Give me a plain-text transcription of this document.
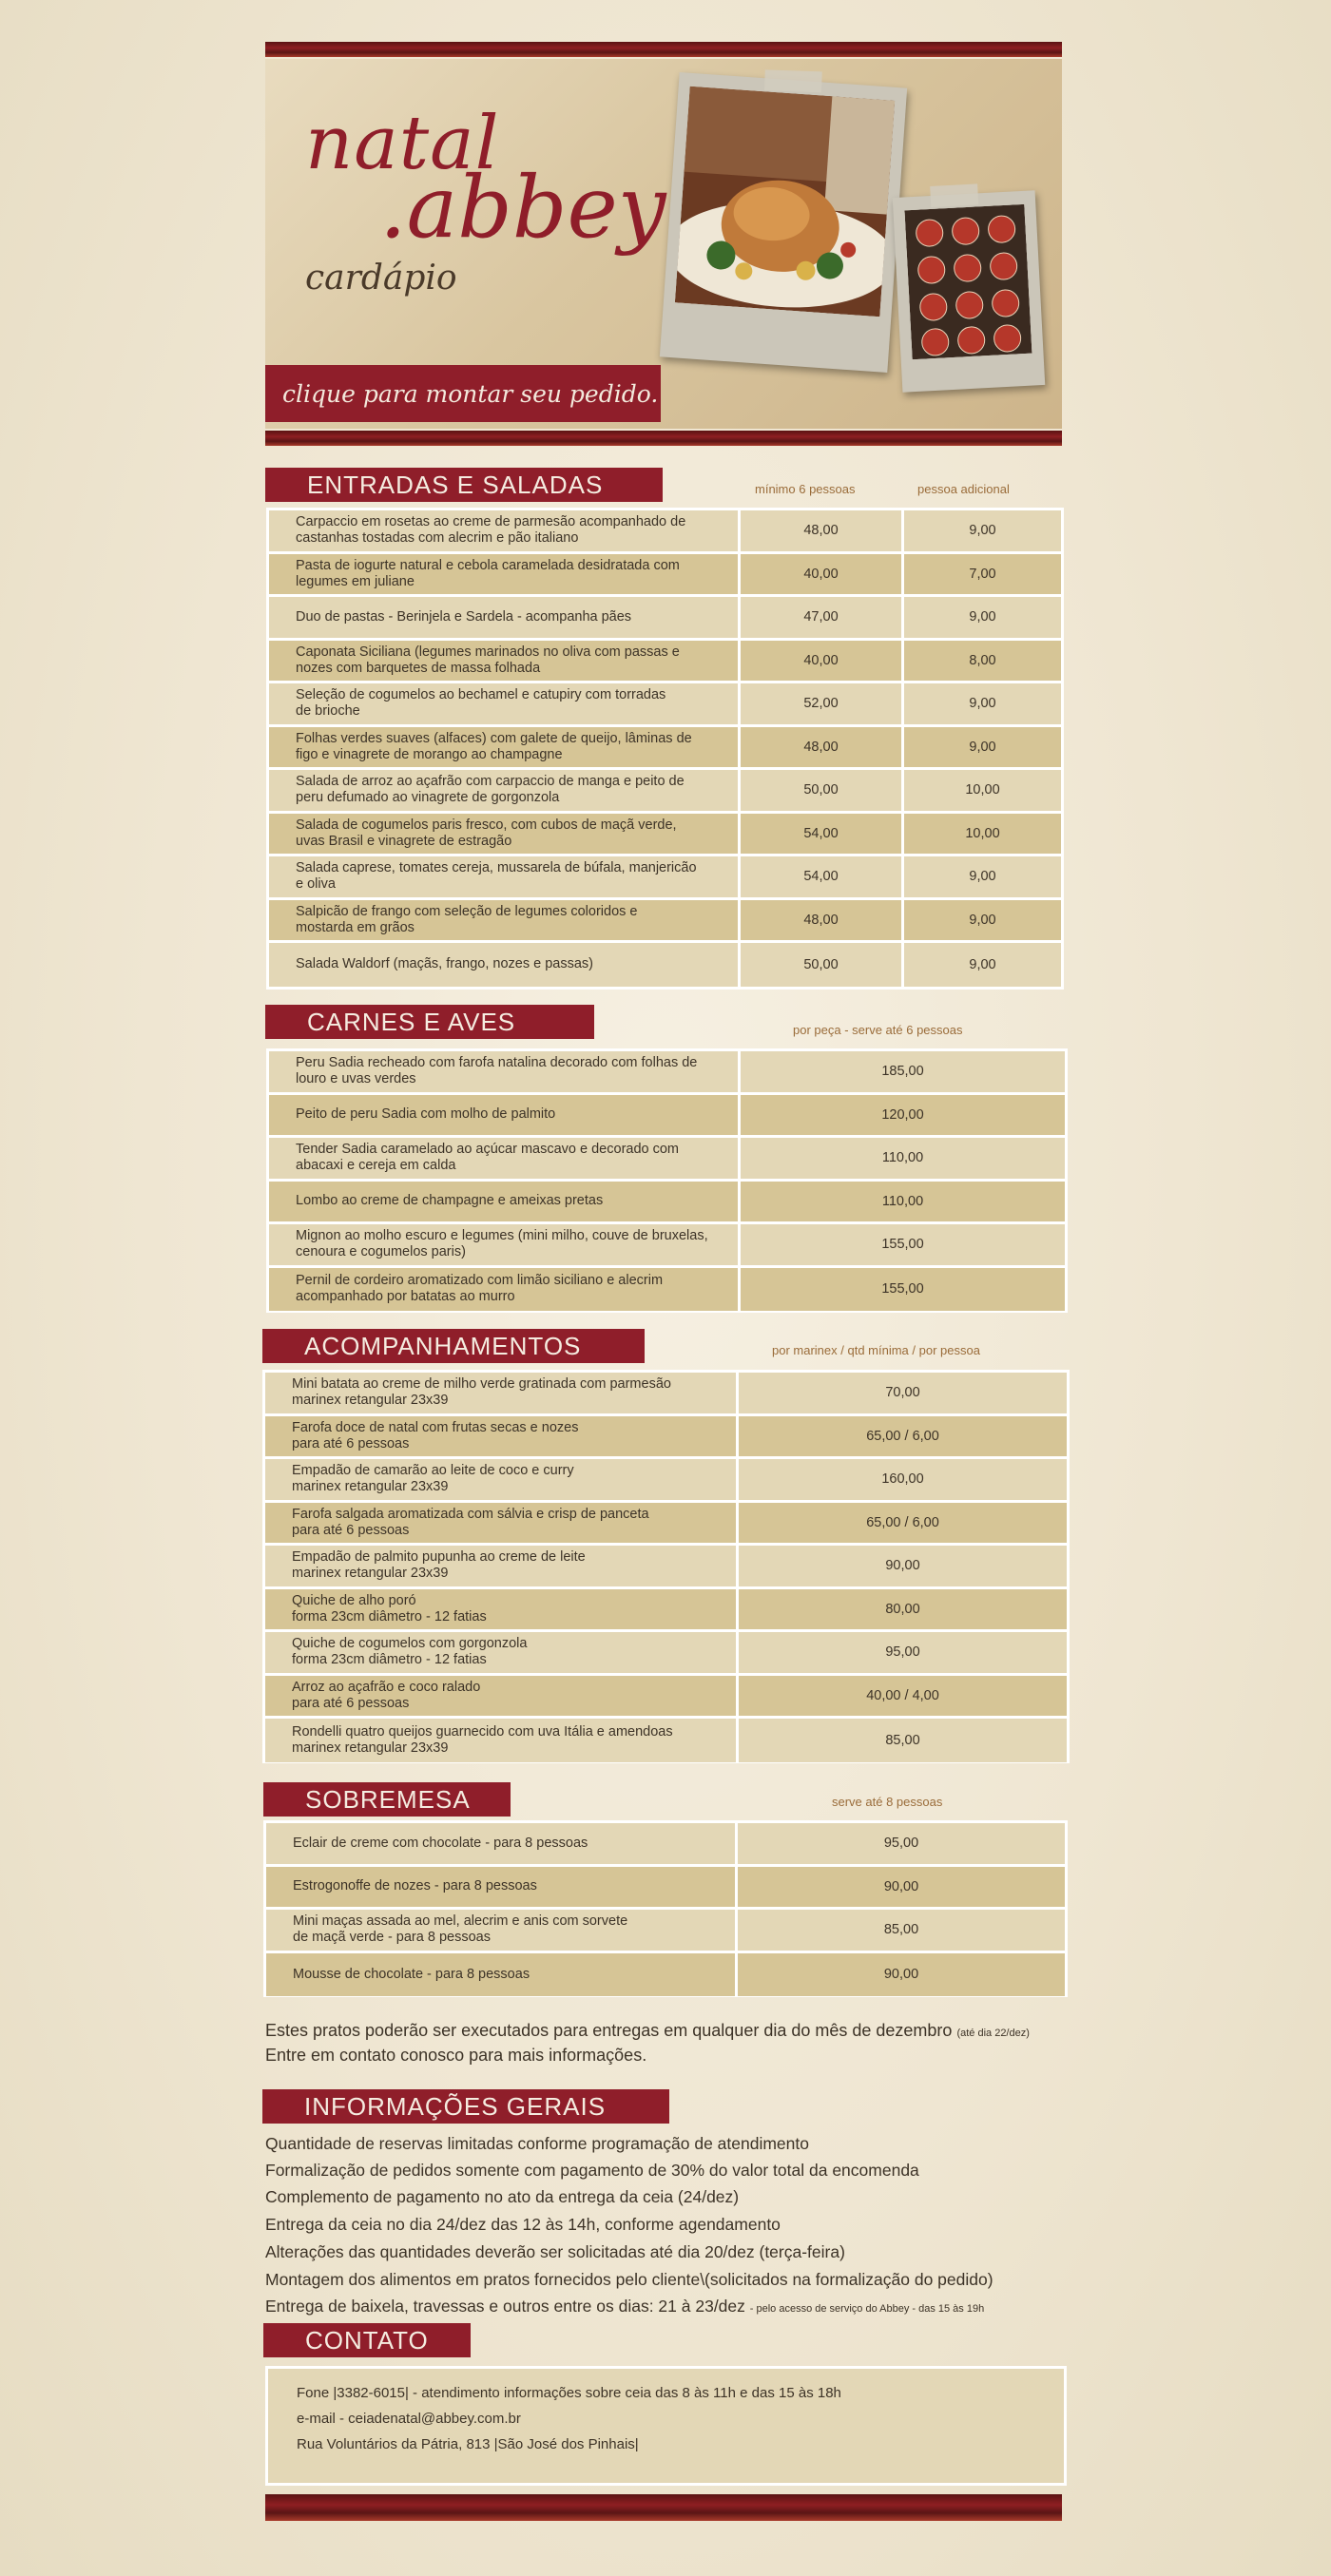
natal
.abbey
cardápio
clique para montar seu pedido.
ENTRADAS E SALADAS	mínimo 6 pessoas	pessoa adicional
Carpaccio em rosetas ao creme de parmesão acompanhado de
castanhas tostadas com alecrim e pão italiano	48,00	9,00
Pasta de iogurte natural e cebola caramelada desidratada com
legumes em juliane	40,00	7,00
Duo de pastas - Berinjela e Sardela - acompanha pães	47,00	9,00
Caponata Siciliana (legumes marinados no oliva com passas e
nozes com barquetes de massa folhada	40,00	8,00
Seleção de cogumelos ao bechamel e catupiry com torradas
de brioche	52,00	9,00
Folhas verdes suaves (alfaces) com galete de queijo, lâminas de
figo e vinagrete de morango ao champagne	48,00	9,00
Salada de arroz ao açafrão com carpaccio de manga e peito de
peru defumado ao vinagrete de gorgonzola	50,00	10,00
Salada de cogumelos paris fresco, com cubos de maçã verde,
uvas Brasil e vinagrete de estragão	54,00	10,00
Salada caprese, tomates cereja, mussarela de búfala, manjericão
e oliva	54,00	9,00
Salpicão de frango com seleção de legumes coloridos e
mostarda em grãos	48,00	9,00
Salada Waldorf (maçãs, frango, nozes e passas)	50,00	9,00
CARNES E AVES	por peça - serve até 6 pessoas
Peru Sadia recheado com farofa natalina decorado com folhas de
louro e uvas verdes	185,00
Peito de peru Sadia com molho de palmito	120,00
Tender Sadia caramelado ao açúcar mascavo e decorado com
abacaxi e cereja em calda	110,00
Lombo ao creme de champagne e ameixas pretas	110,00
Mignon ao molho escuro e legumes (mini milho, couve de bruxelas,
cenoura e cogumelos paris)	155,00
Pernil de cordeiro aromatizado com limão siciliano e alecrim
acompanhado por batatas ao murro	155,00
ACOMPANHAMENTOS	por marinex / qtd mínima / por pessoa
Mini batata ao creme de milho verde gratinada com parmesão
marinex retangular 23x39	70,00
Farofa doce de natal com frutas secas e nozes
para até 6 pessoas	65,00 / 6,00
Empadão de camarão ao leite de coco e curry
marinex retangular 23x39	160,00
Farofa salgada aromatizada com sálvia e crisp de panceta
para até 6 pessoas	65,00 / 6,00
Empadão de palmito pupunha ao creme de leite
marinex retangular 23x39	90,00
Quiche de alho poró
forma 23cm diâmetro - 12 fatias	80,00
Quiche de cogumelos com gorgonzola
forma 23cm diâmetro - 12 fatias	95,00
Arroz ao açafrão e coco ralado
para até 6 pessoas	40,00 / 4,00
Rondelli quatro queijos guarnecido com uva Itália e amendoas
marinex retangular 23x39	85,00
SOBREMESA	serve até 8 pessoas
Eclair de creme com chocolate - para 8 pessoas	95,00
Estrogonoffe de nozes - para 8 pessoas	90,00
Mini maças assada ao mel, alecrim e anis com sorvete
de maçã verde - para 8 pessoas	85,00
Mousse de chocolate - para 8 pessoas	90,00
Estes pratos poderão ser executados para entregas em qualquer dia do mês de dezembro (até dia 22/dez)
Entre em contato conosco para mais informações.
INFORMAÇÕES GERAIS
Quantidade de reservas limitadas conforme programação de atendimento
Formalização de pedidos somente com pagamento de 30% do valor total da encomenda
Complemento de pagamento no ato da entrega da ceia (24/dez)
Entrega da ceia no dia 24/dez das 12 às 14h, conforme agendamento
Alterações das quantidades deverão ser solicitadas até dia 20/dez (terça-feira)
Montagem dos alimentos em pratos fornecidos pelo cliente\(solicitados na formalização do pedido)
Entrega de baixela, travessas e outros entre os dias: 21 à 23/dez - pelo acesso de serviço do Abbey - das 15 às 19h
CONTATO
Fone |3382-6015| - atendimento informações sobre ceia das 8 às 11h e das 15 às 18h
e-mail - ceiadenatal@abbey.com.br
Rua Voluntários da Pátria, 813 |São José dos Pinhais|
